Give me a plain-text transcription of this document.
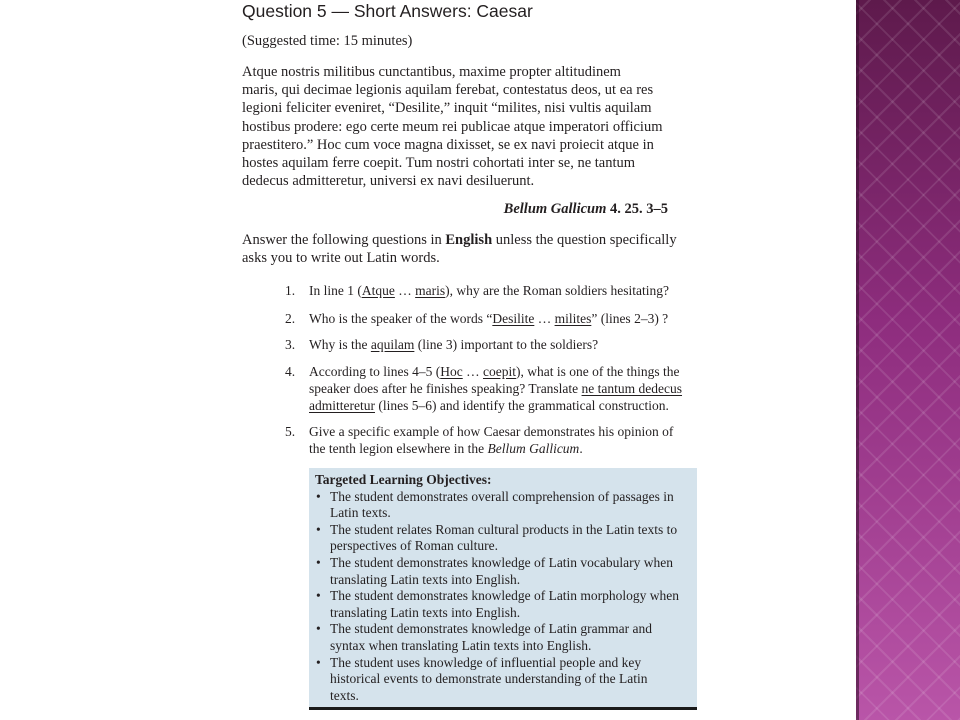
Question 5 — Short Answers: Caesar
(Suggested time: 15 minutes)
Atque nostris militibus cunctantibus, maxime propter altitudinem
maris, qui decimae legionis aquilam ferebat, contestatus deos, ut ea res
legioni feliciter eveniret, “Desilite,” inquit “milites, nisi vultis aquilam
hostibus prodere: ego certe meum rei publicae atque imperatori officium
praestitero.” Hoc cum voce magna dixisset, se ex navi proiecit atque in
hostes aquilam ferre coepit. Tum nostri cohortati inter se, ne tantum
dedecus admitteretur, universi ex navi desiluerunt.
Bellum Gallicum 4. 25. 3–5
Answer the following questions in English unless the question specifically
asks you to write out Latin words.
1. In line 1 (Atque … maris), why are the Roman soldiers hesitating?
2. Who is the speaker of the words “Desilite … milites” (lines 2–3) ?
3. Why is the aquilam (line 3) important to the soldiers?
4. According to lines 4–5 (Hoc … coepit), what is one of the things the
speaker does after he finishes speaking? Translate ne tantum dedecus
admitteretur (lines 5–6) and identify the grammatical construction.
5. Give a specific example of how Caesar demonstrates his opinion of
the tenth legion elsewhere in the Bellum Gallicum.
Targeted Learning Objectives:
• The student demonstrates overall comprehension of passages in
Latin texts.
• The student relates Roman cultural products in the Latin texts to
perspectives of Roman culture.
• The student demonstrates knowledge of Latin vocabulary when
translating Latin texts into English.
• The student demonstrates knowledge of Latin morphology when
translating Latin texts into English.
• The student demonstrates knowledge of Latin grammar and
syntax when translating Latin texts into English.
• The student uses knowledge of influential people and key
historical events to demonstrate understanding of the Latin
texts.
